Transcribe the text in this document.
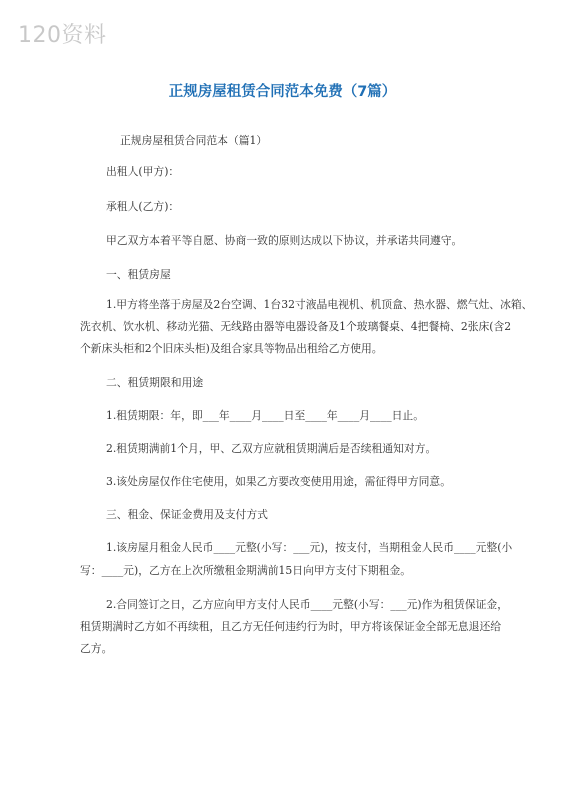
120资料
正规房屋租赁合同范本免费（7篇）
正规房屋租赁合同范本（篇1）
出租人(甲方)：
承租人(乙方)：
甲乙双方本着平等自愿、协商一致的原则达成以下协议，并承诺共同遵守。
一、租赁房屋
1.甲方将坐落于房屋及2台空调、1台32寸液晶电视机、机顶盒、热水器、燃气灶、冰箱、
洗衣机、饮水机、移动光猫、无线路由器等电器设备及1个玻璃餐桌、4把餐椅、2张床(含2
个新床头柜和2个旧床头柜)及组合家具等物品出租给乙方使用。
二、租赁期限和用途
1.租赁期限：年，即___年____月____日至____年____月____日止。
2.租赁期满前1个月，甲、乙双方应就租赁期满后是否续租通知对方。
3.该处房屋仅作住宅使用，如果乙方要改变使用用途，需征得甲方同意。
三、租金、保证金费用及支付方式
1.该房屋月租金人民币____元整(小写：___元)，按支付，当期租金人民币____元整(小
写：____元)，乙方在上次所缴租金期满前15日向甲方支付下期租金。
2.合同签订之日，乙方应向甲方支付人民币____元整(小写：___元)作为租赁保证金，
租赁期满时乙方如不再续租，且乙方无任何违约行为时，甲方将该保证金全部无息退还给
乙方。
